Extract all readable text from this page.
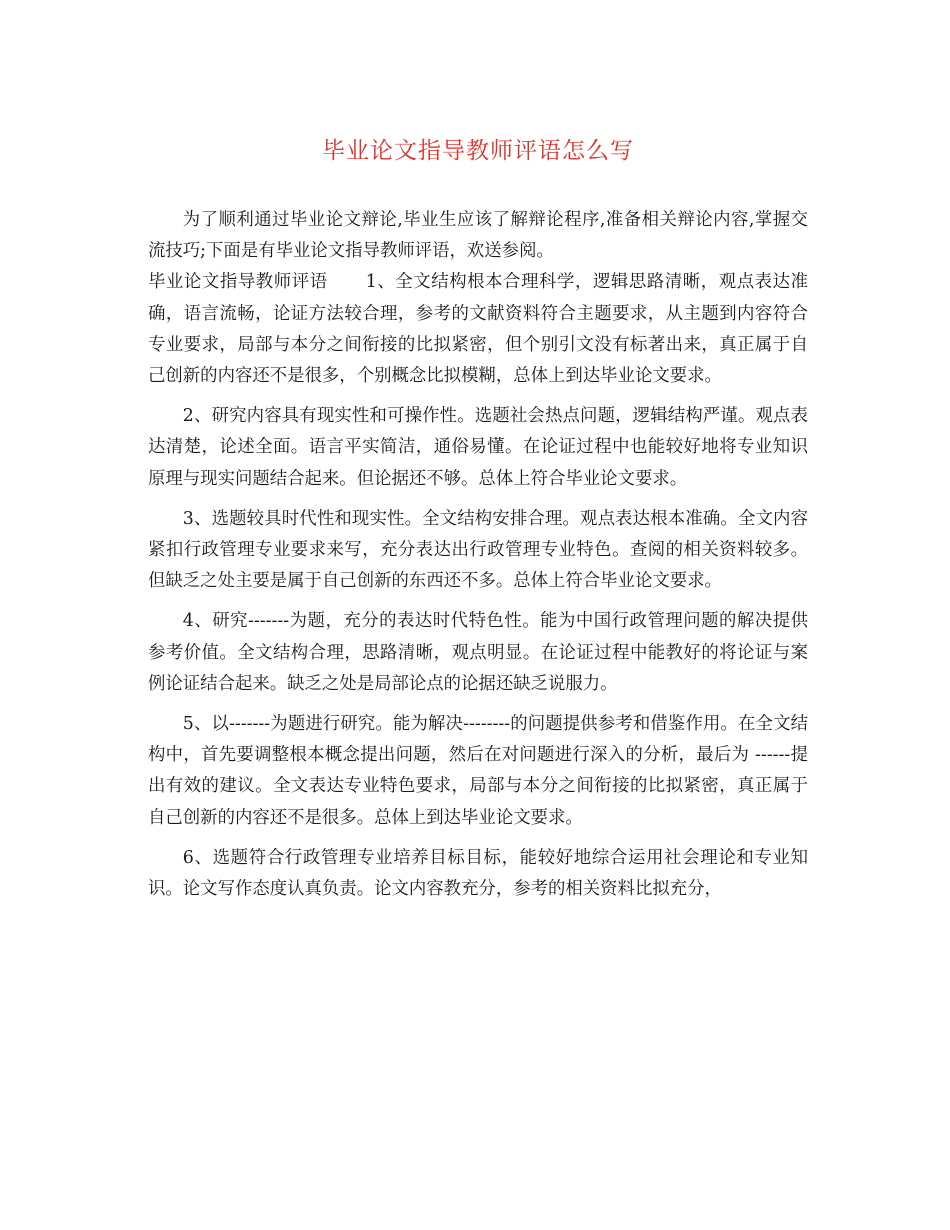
毕业论文指导教师评语怎么写

为了顺利通过毕业论文辩论,毕业生应该了解辩论程序,准备相关辩论内容,掌握交流技巧;下面是有毕业论文指导教师评语，欢送参阅。

毕业论文指导教师评语 1、全文结构根本合理科学，逻辑思路清晰，观点表达准确，语言流畅，论证方法较合理，参考的文献资料符合主题要求，从主题到内容符合专业要求，局部与本分之间衔接的比拟紧密，但个别引文没有标著出来，真正属于自己创新的内容还不是很多，个别概念比拟模糊，总体上到达毕业论文要求。

2、研究内容具有现实性和可操作性。选题社会热点问题，逻辑结构严谨。观点表达清楚，论述全面。语言平实简洁，通俗易懂。在论证过程中也能较好地将专业知识原理与现实问题结合起来。但论据还不够。总体上符合毕业论文要求。

3、选题较具时代性和现实性。全文结构安排合理。观点表达根本准确。全文内容紧扣行政管理专业要求来写，充分表达出行政管理专业特色。查阅的相关资料较多。但缺乏之处主要是属于自己创新的东西还不多。总体上符合毕业论文要求。

4、研究-------为题，充分的表达时代特色性。能为中国行政管理问题的解决提供参考价值。全文结构合理，思路清晰，观点明显。在论证过程中能教好的将论证与案例论证结合起来。缺乏之处是局部论点的论据还缺乏说服力。

5、以-------为题进行研究。能为解决--------的问题提供参考和借鉴作用。在全文结构中，首先要调整根本概念提出问题，然后在对问题进行深入的分析，最后为 ------提出有效的建议。全文表达专业特色要求，局部与本分之间衔接的比拟紧密，真正属于自己创新的内容还不是很多。总体上到达毕业论文要求。

6、选题符合行政管理专业培养目标目标，能较好地综合运用社会理论和专业知识。论文写作态度认真负责。论文内容教充分，参考的相关资料比拟充分，
